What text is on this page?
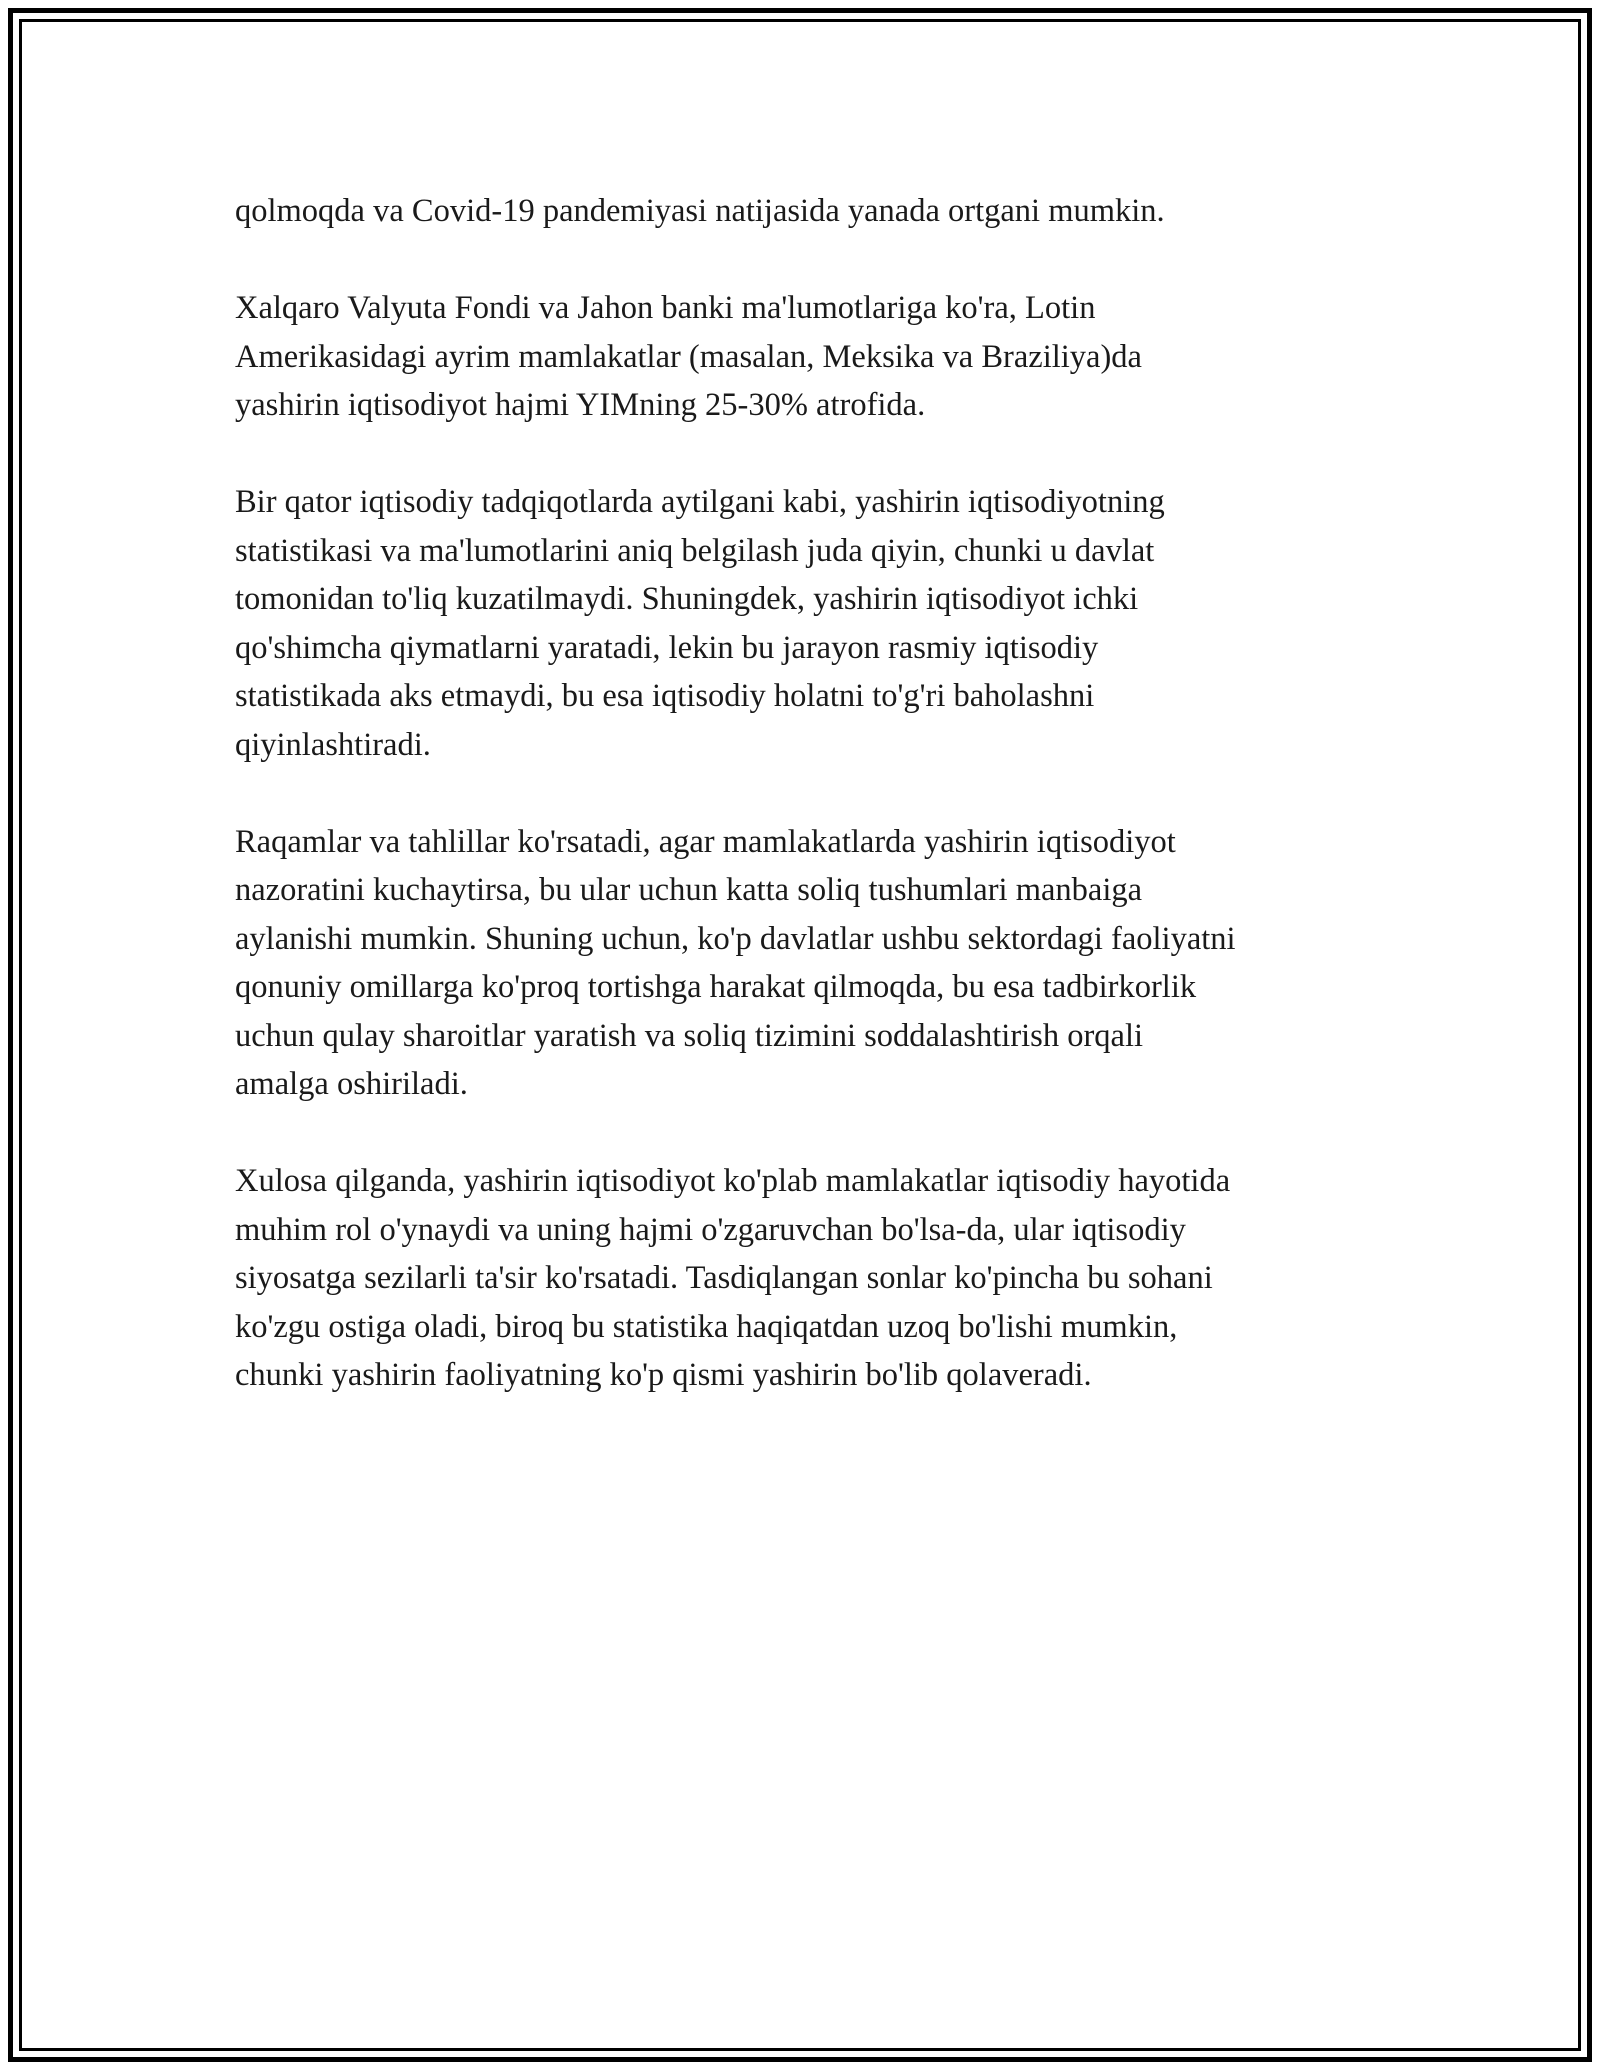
qolmoqda va Covid-19 pandemiyasi natijasida yanada ortgani mumkin.

Xalqaro Valyuta Fondi va Jahon banki ma'lumotlariga ko'ra, Lotin
Amerikasidagi ayrim mamlakatlar (masalan, Meksika va Braziliya)da
yashirin iqtisodiyot hajmi YIMning 25-30% atrofida.

Bir qator iqtisodiy tadqiqotlarda aytilgani kabi, yashirin iqtisodiyotning
statistikasi va ma'lumotlarini aniq belgilash juda qiyin, chunki u davlat
tomonidan to'liq kuzatilmaydi. Shuningdek, yashirin iqtisodiyot ichki
qo'shimcha qiymatlarni yaratadi, lekin bu jarayon rasmiy iqtisodiy
statistikada aks etmaydi, bu esa iqtisodiy holatni to'g'ri baholashni
qiyinlashtiradi.

Raqamlar va tahlillar ko'rsatadi, agar mamlakatlarda yashirin iqtisodiyot
nazoratini kuchaytirsa, bu ular uchun katta soliq tushumlari manbaiga
aylanishi mumkin. Shuning uchun, ko'p davlatlar ushbu sektordagi faoliyatni
qonuniy omillarga ko'proq tortishga harakat qilmoqda, bu esa tadbirkorlik
uchun qulay sharoitlar yaratish va soliq tizimini soddalashtirish orqali
amalga oshiriladi.

Xulosa qilganda, yashirin iqtisodiyot ko'plab mamlakatlar iqtisodiy hayotida
muhim rol o'ynaydi va uning hajmi o'zgaruvchan bo'lsa-da, ular iqtisodiy
siyosatga sezilarli ta'sir ko'rsatadi. Tasdiqlangan sonlar ko'pincha bu sohani
ko'zgu ostiga oladi, biroq bu statistika haqiqatdan uzoq bo'lishi mumkin,
chunki yashirin faoliyatning ko'p qismi yashirin bo'lib qolaveradi.
